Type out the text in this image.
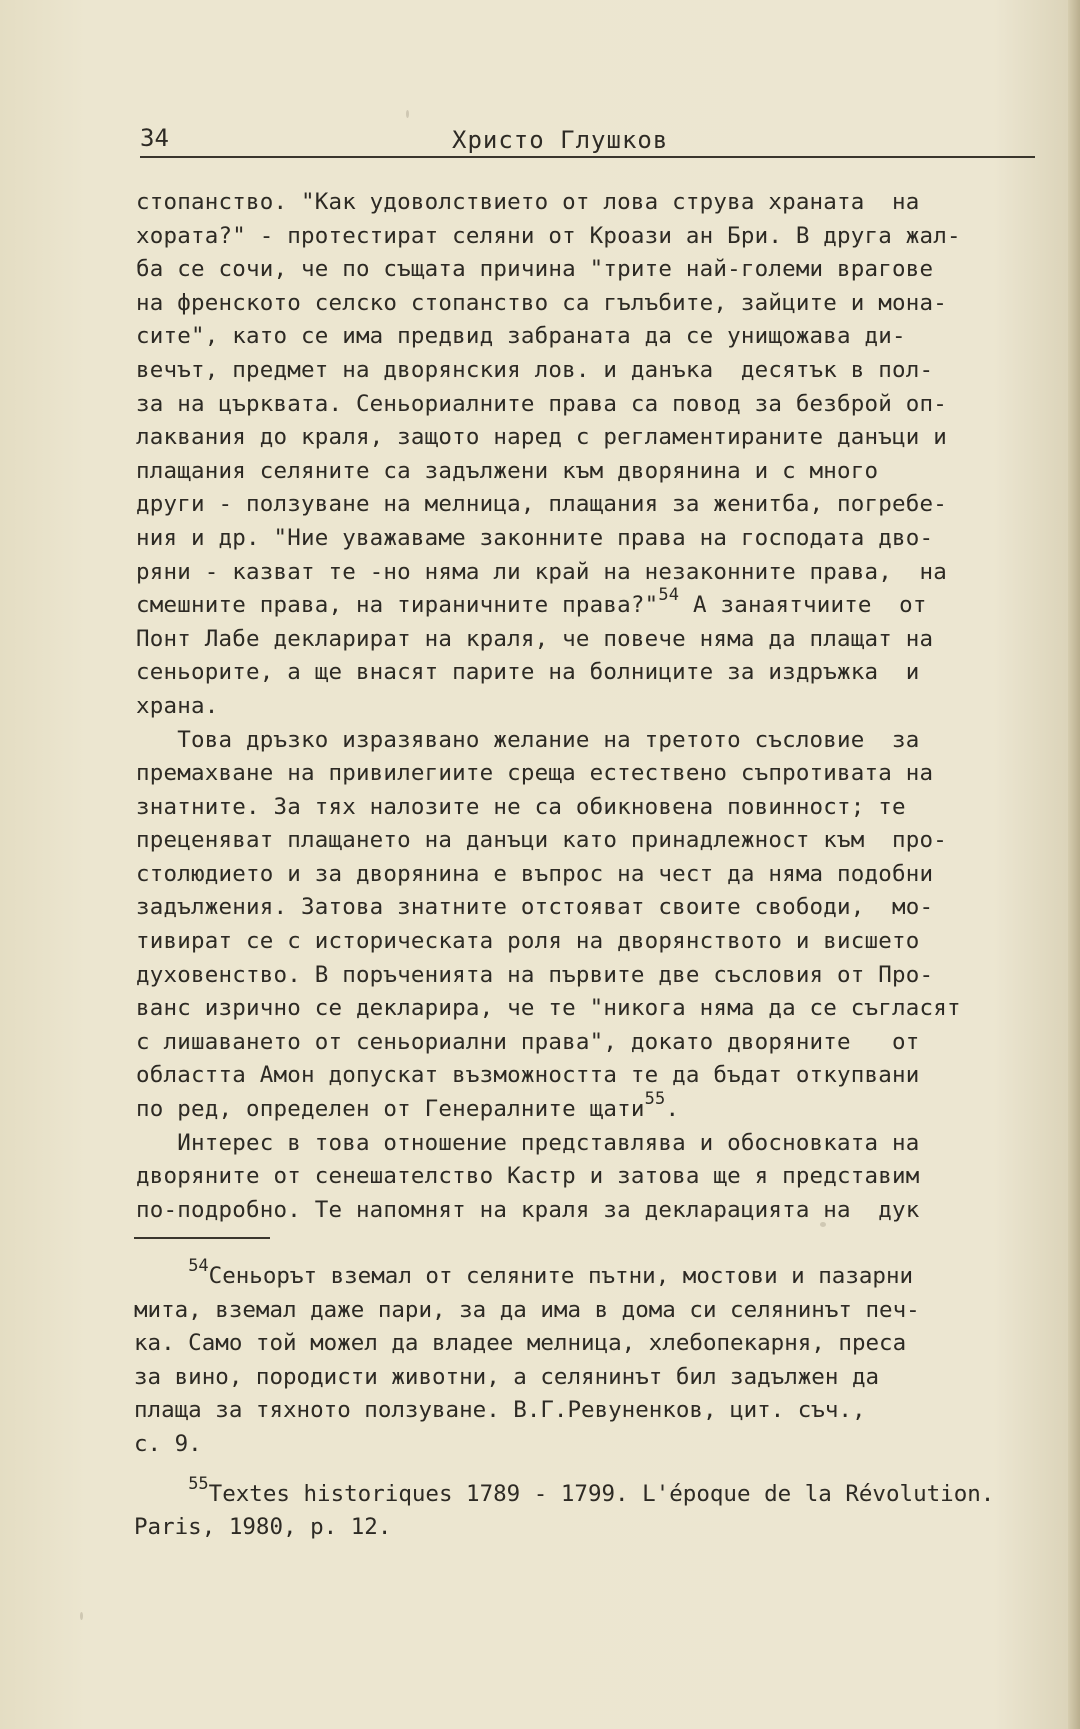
34	Христо Глушков
стопанство. "Как удоволствието от лова струва храната  на
хората?" - протестират селяни от Кроази ан Бри. В друга жал-
ба се сочи, че по същата причина "трите най-големи врагове
на френското селско стопанство са гълъбите, зайците и мона-
сите", като се има предвид забраната да се унищожава ди-
вечът, предмет на дворянския лов. и данъка  десятък в пол-
за на църквата. Сеньориалните права са повод за безброй оп-
лаквания до краля, защото наред с регламентираните данъци и
плащания селяните са задължени към дворянина и с много
други - ползуване на мелница, плащания за женитба, погребе-
ния и др. "Ние уважаваме законните права на господата дво-
ряни - казват те -но няма ли край на незаконните права,  на
смешните права, на тираничните права?"$^{54}$ А занаятчиите  от
Понт Лабе декларират на краля, че повече няма да плащат на
сеньорите, а ще внасят парите на болниците за издръжка  и
храна.
Това дръзко изразявано желание на третото съсловие  за
премахване на привилегиите среща естествено съпротивата на
знатните. За тях налозите не са обикновена повинност; те
преценяват плащането на данъци като принадлежност към  про-
столюдието и за дворянина е въпрос на чест да няма подобни
задължения. Затова знатните отстояват своите свободи,  мо-
тивират се с историческата роля на дворянството и висшето
духовенство. В поръченията на първите две съсловия от Про-
ванс изрично се декларира, че те "никога няма да се съгласят
с лишаването от сеньориални права", докато дворяните   от
областта Амон допускат възможността те да бъдат откупвани
по ред, определен от Генералните щати$^{55}$.
Интерес в това отношение представлява и обосновката на
дворяните от сенешателство Кастр и затова ще я представим
по-подробно. Те напомнят на краля за декларацията на  дук
$^{54}$Сеньорът вземал от селяните пътни, мостови и пазарни
мита, вземал даже пари, за да има в дома си селянинът печ-
ка. Само той можел да владее мелница, хлебопекарня, преса
за вино, породисти животни, а селянинът бил задължен да
плаща за тяхното ползуване. В.Г.Ревуненков, цит. съч.,
с. 9.
$^{55}$Textes historiques 1789 - 1799. L'époque de la Révolution.
Paris, 1980, p. 12.
